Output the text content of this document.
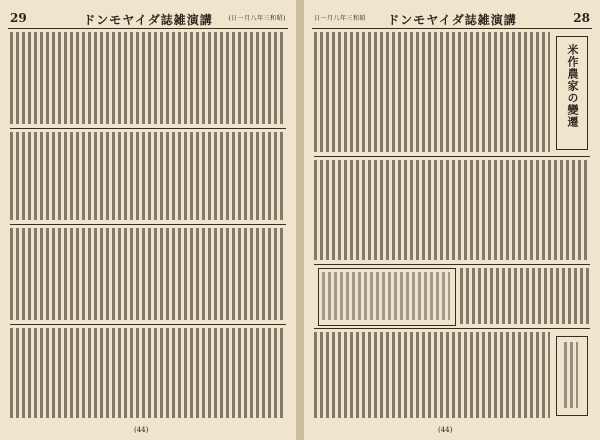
29	ドンモヤイダ誌雑演講	(日一月八年三和昭)
(44)
日一月八年三和昭	ドンモヤイダ誌雑演講	28
米作農家の變遷
(44)
